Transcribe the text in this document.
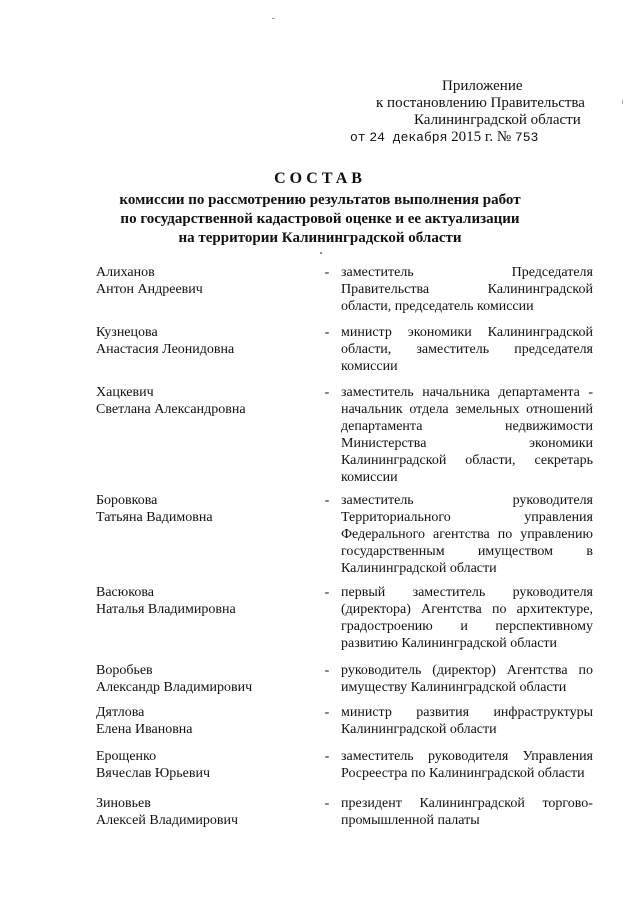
Приложение
к постановлению Правительства
Калининградской области
от 24 декабря 2015 г. № 753
СОСТАВ
комиссии по рассмотрению результатов выполнения работ
по государственной кадастровой оценке и ее актуализации
на территории Калининградской области
Алиханов
Антон Андреевич
- заместитель	Председателя
Правительства	Калининградской
области, председатель комиссии
Кузнецова
Анастасия Леонидовна
- министр экономики Калининградской
области, заместитель председателя
комиссии
Хацкевич
Светлана Александровна
- заместитель начальника департамента -
начальник отдела земельных отношений
департамента	недвижимости
Министерства	экономики
Калининградской области, секретарь
комиссии
Боровкова
Татьяна Вадимовна
- заместитель	руководителя
Территориального	управления
Федерального агентства по управлению
государственным имуществом в
Калининградской области
Васюкова
Наталья Владимировна
- первый заместитель руководителя
(директора) Агентства по архитектуре,
градостроению и перспективному
развитию Калининградской области
Воробьев
Александр Владимирович
- руководитель (директор) Агентства по
имуществу Калининградской области
Дятлова
Елена Ивановна
- министр развития инфраструктуры
Калининградской области
Ерощенко
Вячеслав Юрьевич
- заместитель руководителя Управления
Росреестра по Калининградской области
Зиновьев
Алексей Владимирович
- президент Калининградской торгово-
промышленной палаты
